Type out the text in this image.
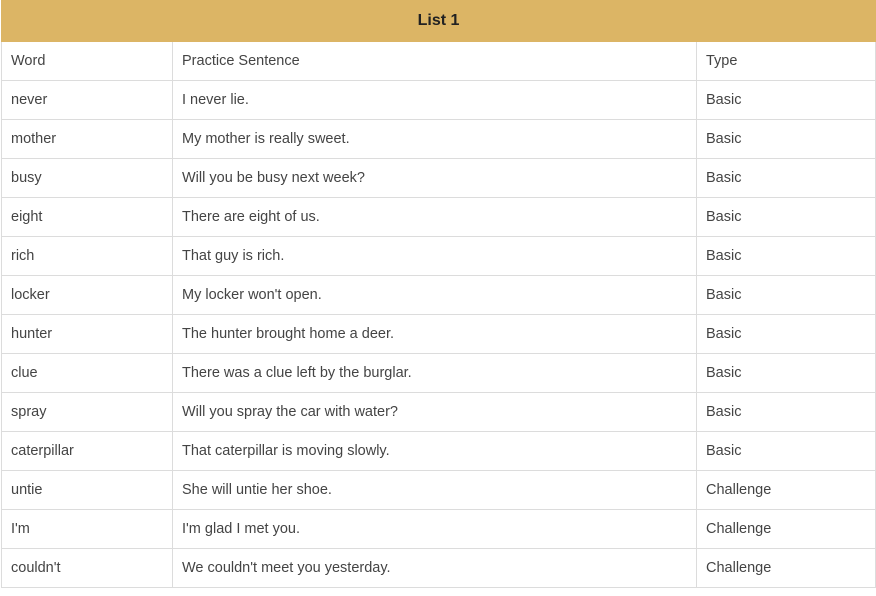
List 1		
Word	Practice Sentence	Type
never	I never lie.	Basic
mother	My mother is really sweet.	Basic
busy	Will you be busy next week?	Basic
eight	There are eight of us.	Basic
rich	That guy is rich.	Basic
locker	My locker won't open.	Basic
hunter	The hunter brought home a deer.	Basic
clue	There was a clue left by the burglar.	Basic
spray	Will you spray the car with water?	Basic
caterpillar	That caterpillar is moving slowly.	Basic
untie	She will untie her shoe.	Challenge
I'm	I'm glad I met you.	Challenge
couldn't	We couldn't meet you yesterday.	Challenge
